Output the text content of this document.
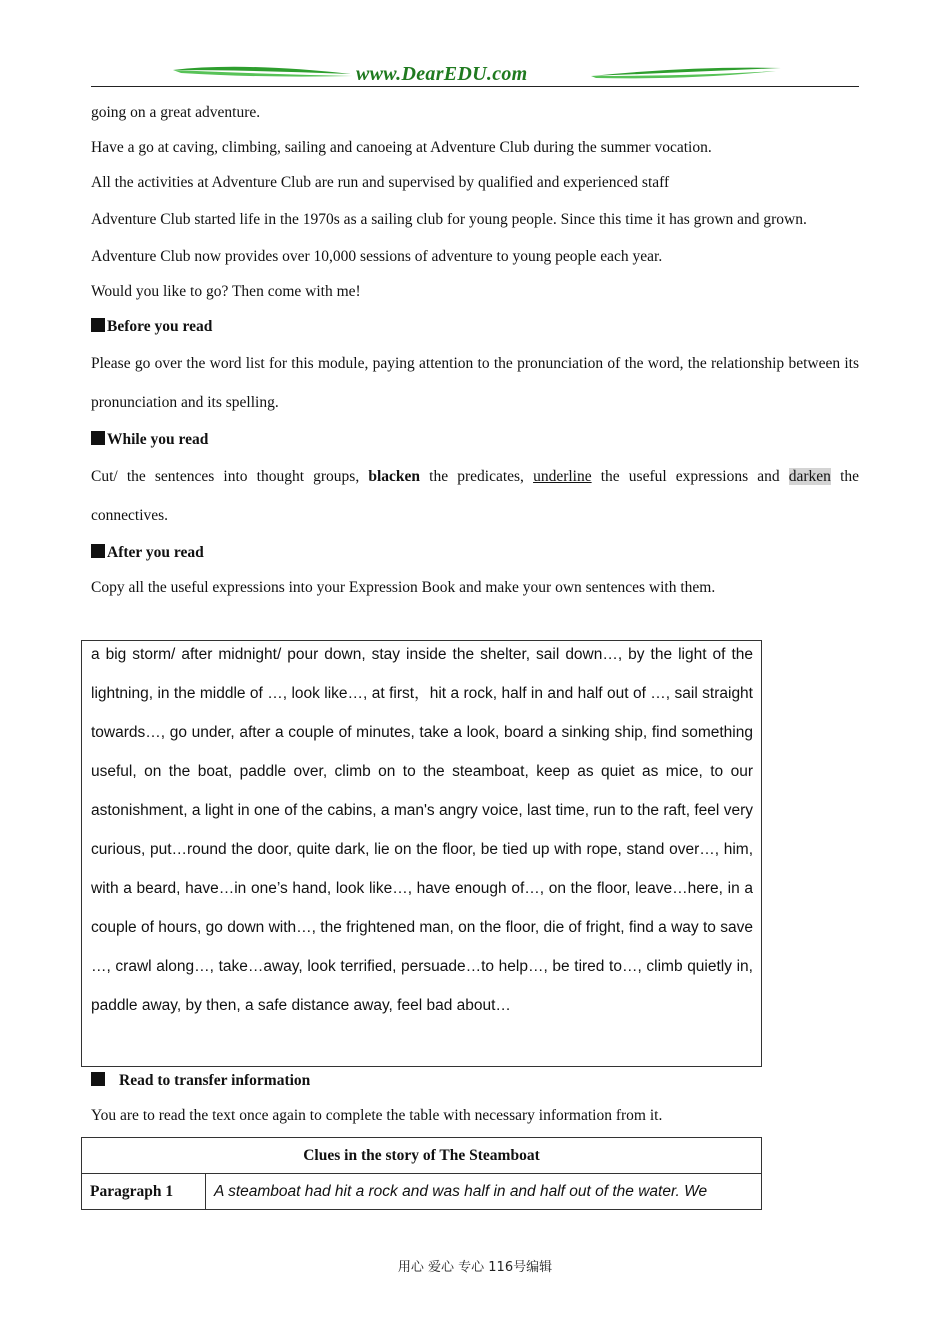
www.DearEDU.com

going on a great adventure.

Have a go at caving, climbing, sailing and canoeing at Adventure Club during the summer vocation.

All the activities at Adventure Club are run and supervised by qualified and experienced staff

Adventure Club started life in the 1970s as a sailing club for young people. Since this time it has grown and grown.

Adventure Club now provides over 10,000 sessions of adventure to young people each year.

Would you like to go? Then come with me!

Before you read

Please go over the word list for this module, paying attention to the pronunciation of the word, the relationship between its pronunciation and its spelling.

While you read

Cut/ the sentences into thought groups, blacken the predicates, underline the useful expressions and darken the connectives.

After you read

Copy all the useful expressions into your Expression Book and make your own sentences with them.

a big storm/ after midnight/ pour down, stay inside the shelter, sail down…, by the light of the lightning, in the middle of …, look like…, at first，hit a rock, half in and half out of …, sail straight towards…, go under, after a couple of minutes, take a look, board a sinking ship, find something useful, on the boat, paddle over, climb on to the steamboat, keep as quiet as mice, to our astonishment, a light in one of the cabins, a man's angry voice, last time, run to the raft, feel very curious, put…round the door, quite dark, lie on the floor, be tied up with rope, stand over…, him, with a beard, have…in one’s hand, look like…, have enough of…, on the floor, leave…here, in a couple of hours, go down with…, the frightened man, on the floor, die of fright, find a way to save …, crawl along…, take…away, look terrified, persuade…to help…, be tired to…, climb quietly in, paddle away, by then, a safe distance away, feel bad about…
Read to transfer information
You are to read the text once again to complete the table with necessary information from it.
Clues in the story of The Steamboat
Paragraph 1	A steamboat had hit a rock and was half in and half out of the water. We
用心 爱心 专心 116号编辑
